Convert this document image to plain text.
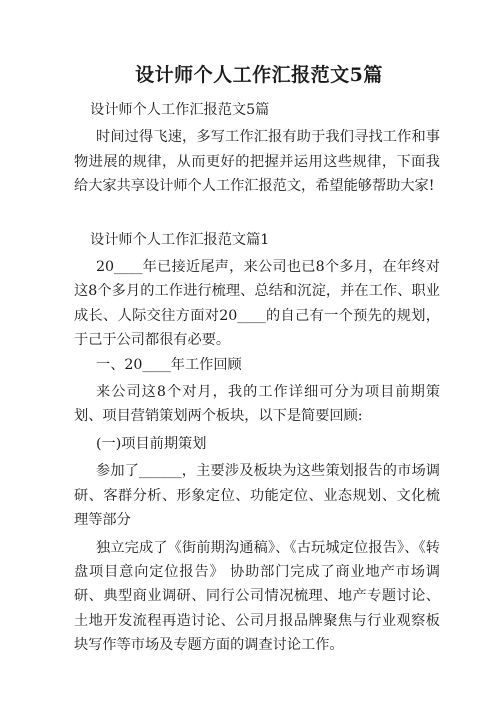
设计师个人工作汇报范文5篇

设计师个人工作汇报范文5篇

时间过得飞速，多写工作汇报有助于我们寻找工作和事物进展的规律，从而更好的把握并运用这些规律，下面我给大家共享设计师个人工作汇报范文，希望能够帮助大家!

设计师个人工作汇报范文篇1

20____年已接近尾声，来公司也已8个多月，在年终对这8个多月的工作进行梳理、总结和沉淀，并在工作、职业成长、人际交往方面对20____的自己有一个预先的规划，于己于公司都很有必要。

一、20____年工作回顾

来公司这8个对月，我的工作详细可分为项目前期策划、项目营销策划两个板块，以下是简要回顾:

(一)项目前期策划

参加了______，主要涉及板块为这些策划报告的市场调研、客群分析、形象定位、功能定位、业态规划、文化梳理等部分

独立完成了《街前期沟通稿》、《古玩城定位报告》、《转盘项目意向定位报告》 协助部门完成了商业地产市场调研、典型商业调研、同行公司情况梳理、地产专题讨论、土地开发流程再造讨论、公司月报品牌聚焦与行业观察板块写作等市场及专题方面的调查讨论工作。
